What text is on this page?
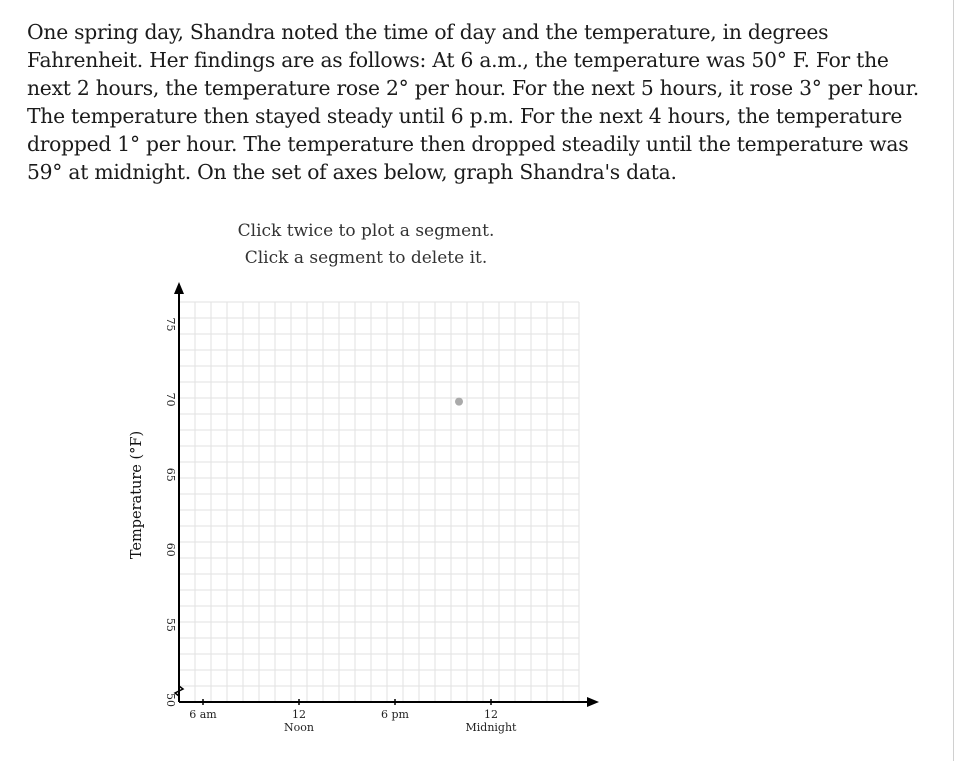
One spring day, Shandra noted the time of day and the temperature, in degrees Fahrenheit. Her findings are as follows: At 6 a.m., the temperature was 50° F. For the next 2 hours, the temperature rose 2° per hour. For the next 5 hours, it rose 3° per hour. The temperature then stayed steady until 6 p.m. For the next 4 hours, the temperature dropped 1° per hour. The temperature then dropped steadily until the temperature was 59° at midnight. On the set of axes below, graph Shandra's data.

Click twice to plot a segment.
Click a segment to delete it.
50
55
60
65
70
75
6 am	12
Noon
6 pm	12
Midnight
Temperature (°F)
